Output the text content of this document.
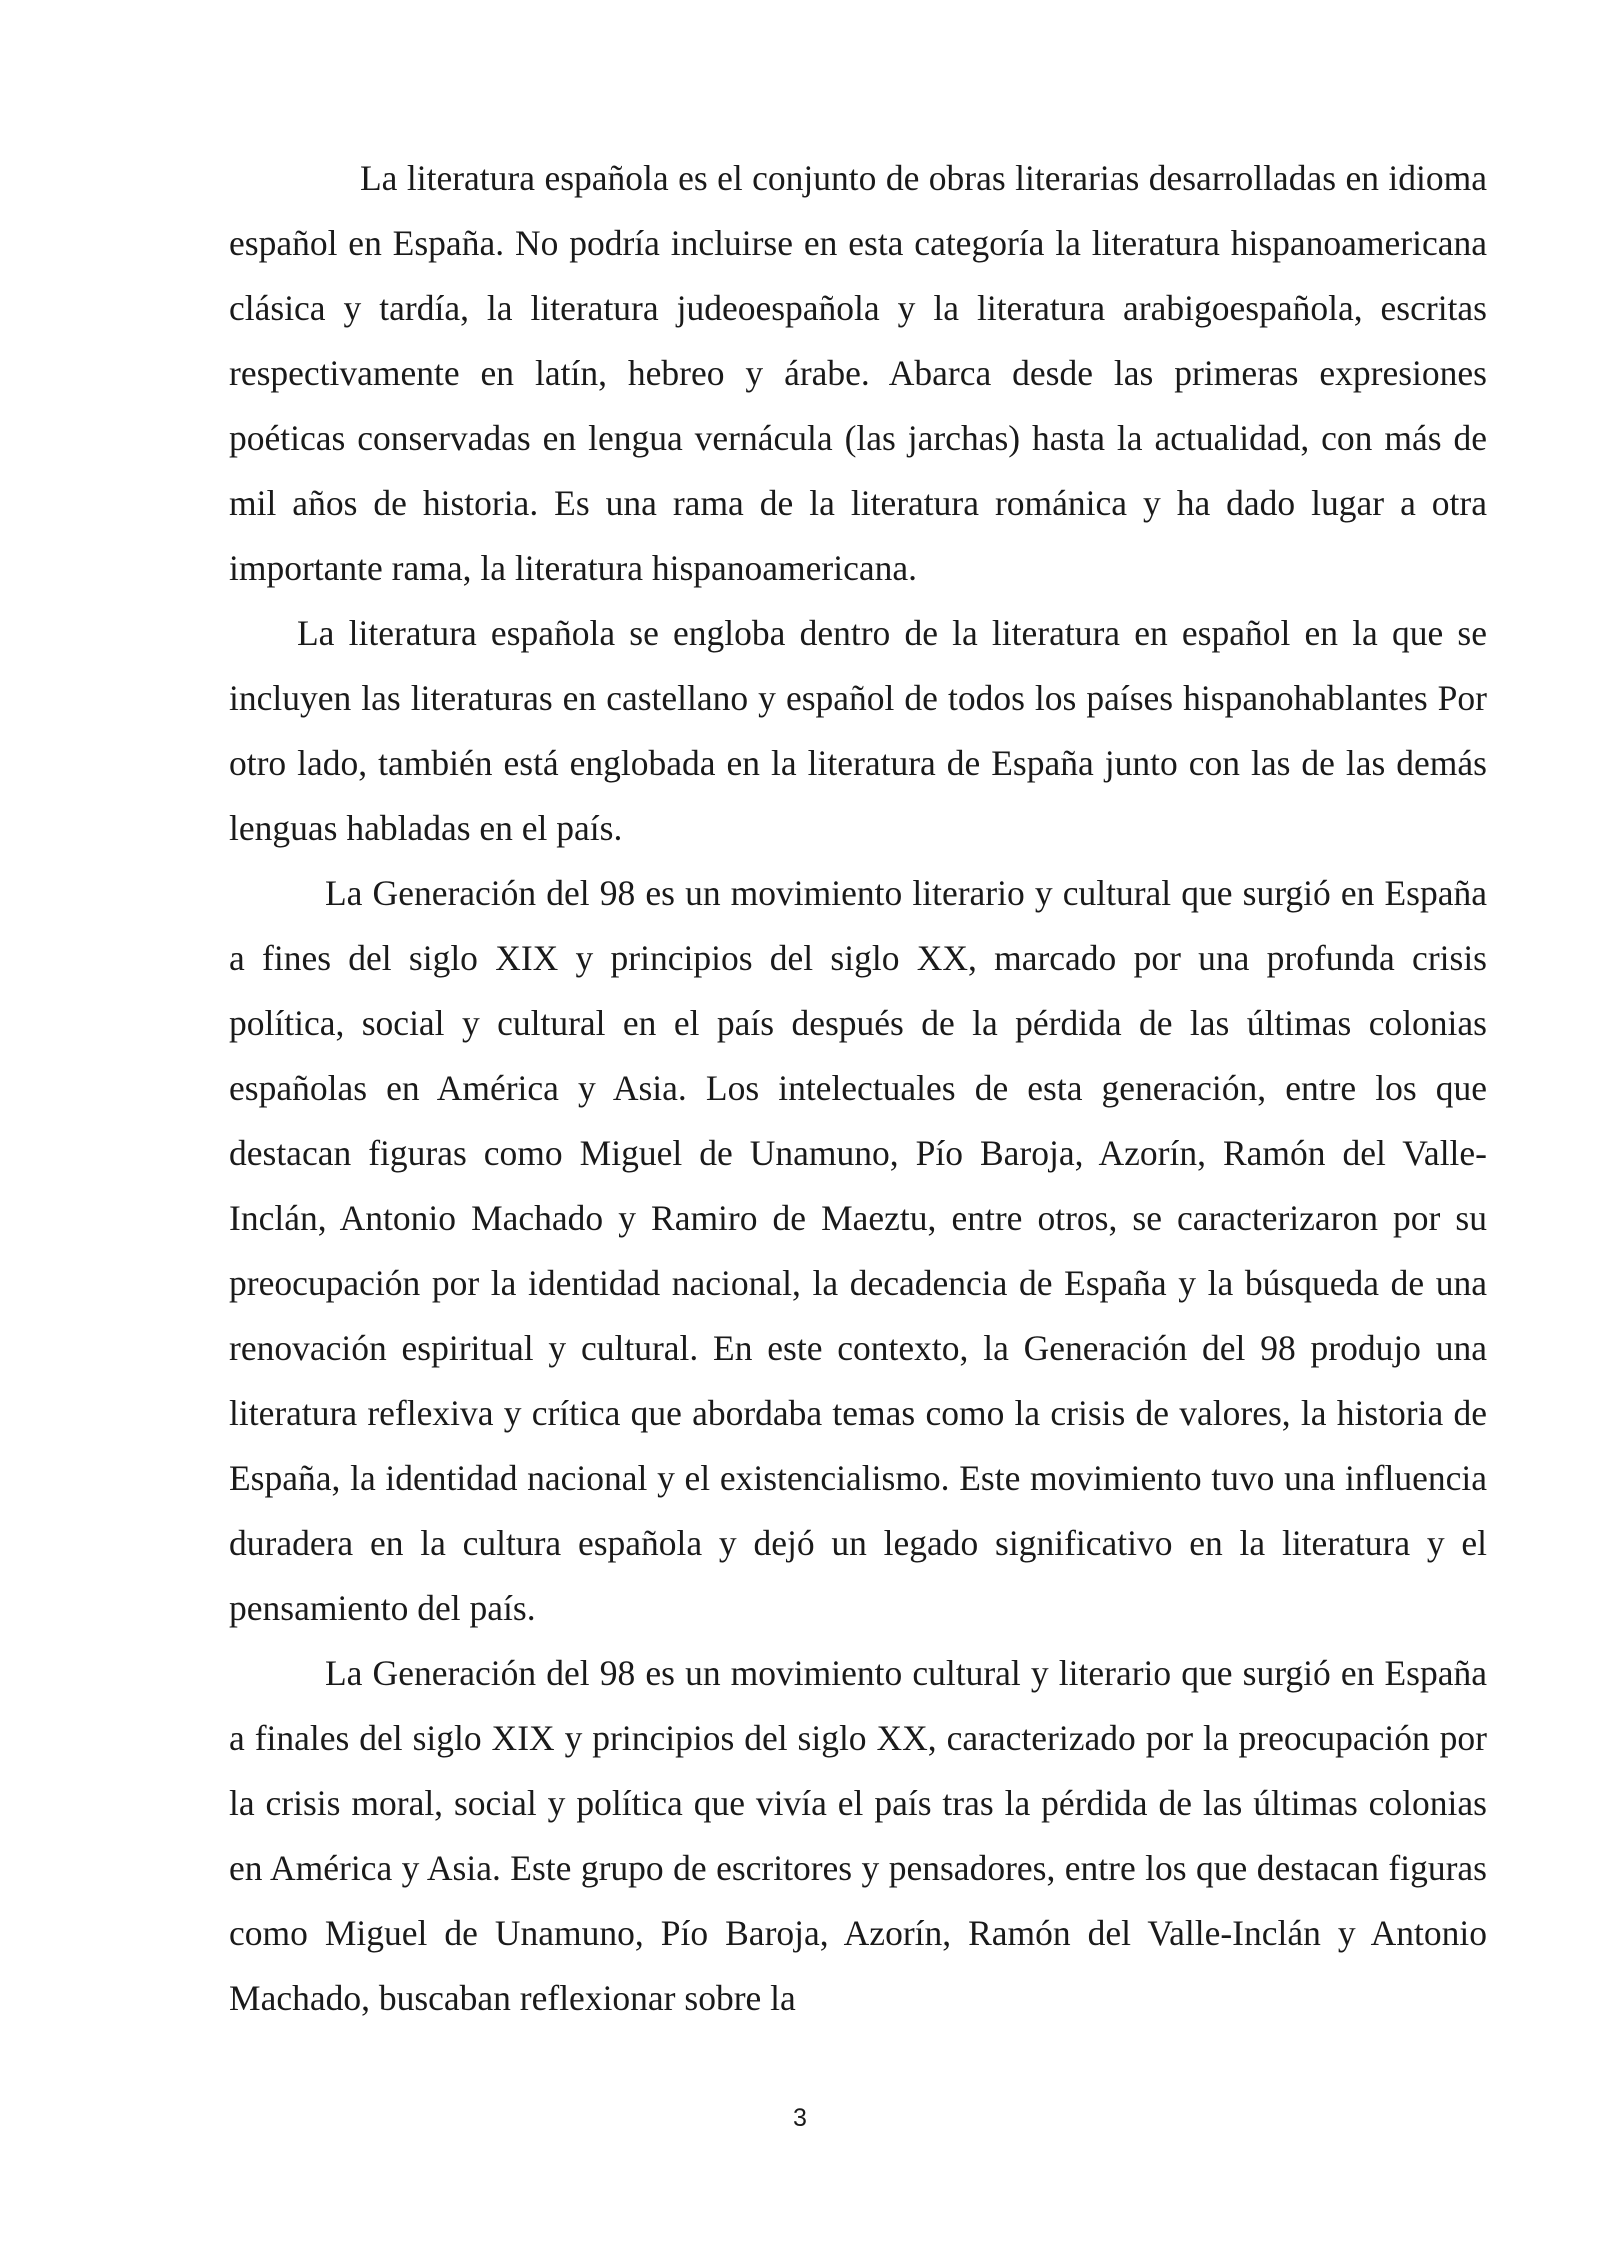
La literatura española es el conjunto de obras literarias desarrolladas en idioma español en España. No podría incluirse en esta categoría la literatura hispanoamericana clásica y tardía, la literatura judeoespañola y la literatura arabigoespañola, escritas respectivamente en latín, hebreo y árabe. Abarca desde las primeras expresiones poéticas conservadas en lengua vernácula (las jarchas) hasta la actualidad, con más de mil años de historia. Es una rama de la literatura románica y ha dado lugar a otra importante rama, la literatura hispanoamericana.

La literatura española se engloba dentro de la literatura en español en la que se incluyen las literaturas en castellano y español de todos los países hispanohablantes Por otro lado, también está englobada en la literatura de España junto con las de las demás lenguas habladas en el país.

La Generación del 98 es un movimiento literario y cultural que surgió en España a fines del siglo XIX y principios del siglo XX, marcado por una profunda crisis política, social y cultural en el país después de la pérdida de las últimas colonias españolas en América y Asia. Los intelectuales de esta generación, entre los que destacan figuras como Miguel de Unamuno, Pío Baroja, Azorín, Ramón del Valle-Inclán, Antonio Machado y Ramiro de Maeztu, entre otros, se caracterizaron por su preocupación por la identidad nacional, la decadencia de España y la búsqueda de una renovación espiritual y cultural. En este contexto, la Generación del 98 produjo una literatura reflexiva y crítica que abordaba temas como la crisis de valores, la historia de España, la identidad nacional y el existencialismo. Este movimiento tuvo una influencia duradera en la cultura española y dejó un legado significativo en la literatura y el pensamiento del país.

La Generación del 98 es un movimiento cultural y literario que surgió en España a finales del siglo XIX y principios del siglo XX, caracterizado por la preocupación por la crisis moral, social y política que vivía el país tras la pérdida de las últimas colonias en América y Asia. Este grupo de escritores y pensadores, entre los que destacan figuras como Miguel de Unamuno, Pío Baroja, Azorín, Ramón del Valle-Inclán y Antonio Machado, buscaban reflexionar sobre la

3
